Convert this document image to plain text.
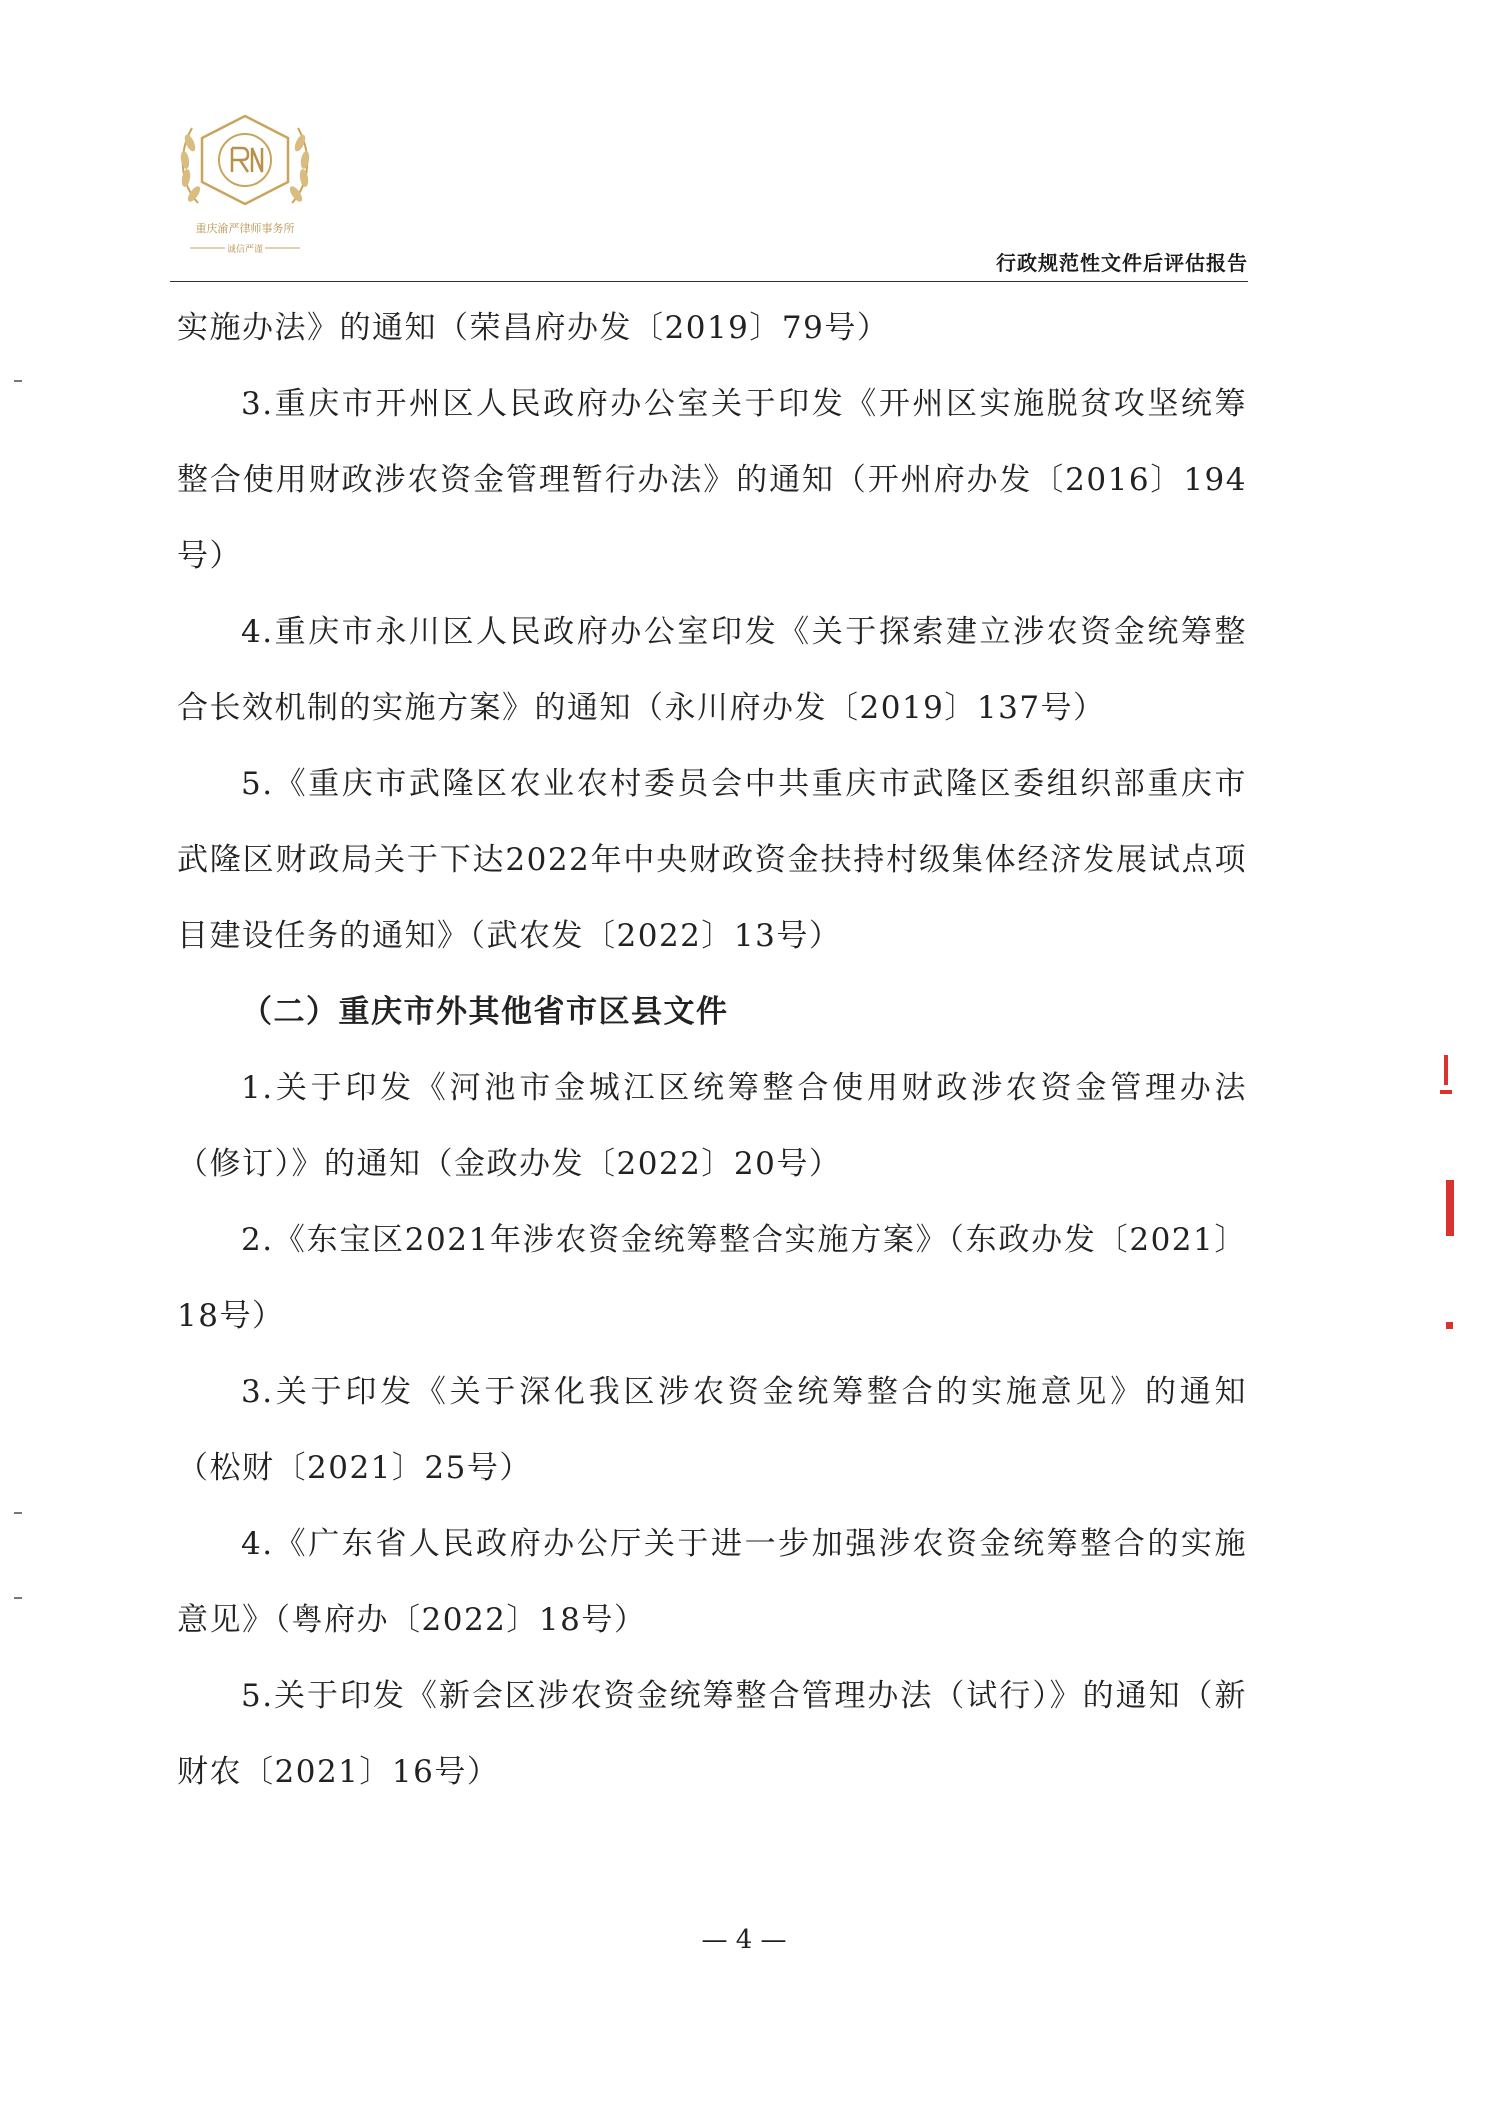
重庆渝严律师事务所
诚信严谨
行政规范性文件后评估报告

实施办法》的通知（荣昌府办发〔2019〕79号）

3.重庆市开州区人民政府办公室关于印发《开州区实施脱贫攻坚统筹整合使用财政涉农资金管理暂行办法》的通知（开州府办发〔2016〕194号）

4.重庆市永川区人民政府办公室印发《关于探索建立涉农资金统筹整合长效机制的实施方案》的通知（永川府办发〔2019〕137号）

5.《重庆市武隆区农业农村委员会中共重庆市武隆区委组织部重庆市武隆区财政局关于下达2022年中央财政资金扶持村级集体经济发展试点项目建设任务的通知》（武农发〔2022〕13号）

（二）重庆市外其他省市区县文件

1.关于印发《河池市金城江区统筹整合使用财政涉农资金管理办法（修订）》的通知（金政办发〔2022〕20号）

2.《东宝区2021年涉农资金统筹整合实施方案》（东政办发〔2021〕18号）

3.关于印发《关于深化我区涉农资金统筹整合的实施意见》的通知（松财〔2021〕25号）

4.《广东省人民政府办公厅关于进一步加强涉农资金统筹整合的实施意见》（粤府办〔2022〕18号）

5.关于印发《新会区涉农资金统筹整合管理办法（试行）》的通知（新财农〔2021〕16号）

— 4 —
